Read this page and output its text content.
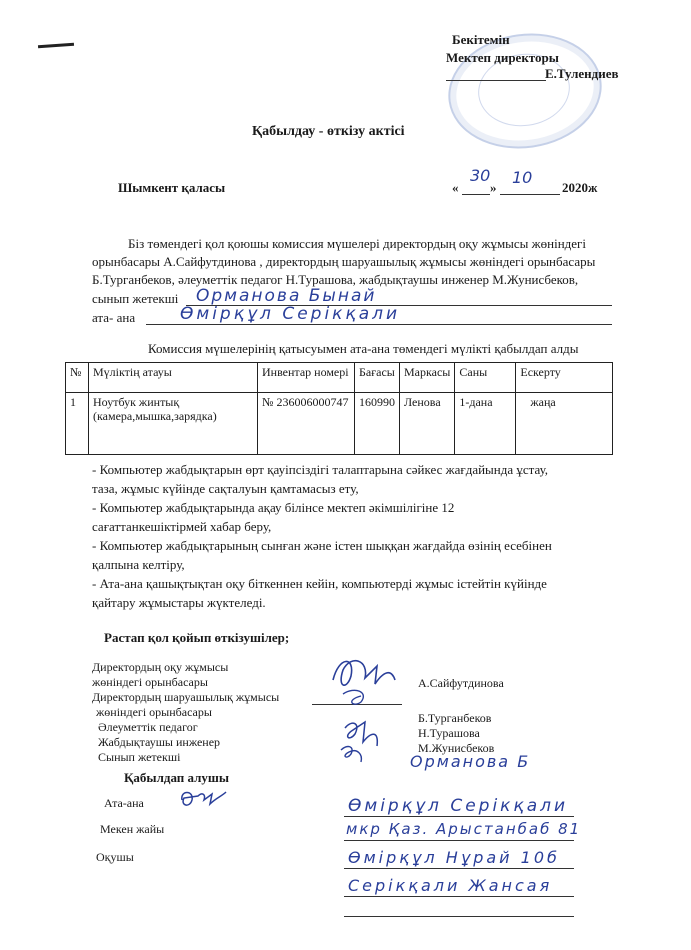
Бекітемін
Мектеп директоры
Е.Тулендиев
Қабылдау - өткізу актісі
Шымкент қаласы	« »	2020ж
30 10
Біз төмендегі қол қоюшы комиссия мүшелері директордың оқу жұмысы жөніндегі
орынбасары А.Сайфутдинова , директордың шаруашылық жұмысы жөніндегі орынбасары
Б.Турганбеков, әлеуметтік педагог Н.Турашова, жабдықтаушы инженер М.Жунисбеков,
сынып жетекші Орманова Бынай
ата- ана	Өмірқұл Серікқали
Комиссия мүшелерінің қатысуымен ата-ана төмендегі мүлікті қабылдап алды
№	Мүліктің атауы	Инвентар номері	Бағасы	Маркасы	Саны	Ескерту
1	Ноутбук жинтық (камера,мышка,зарядка)	№ 236006000747	160990	Ленова	1-дана	жаңа
- Компьютер жабдықтарын өрт қауіпсіздігі талаптарына сәйкес жағдайында ұстау,
таза, жұмыс күйінде сақталуын қамтамасыз ету,
- Компьютер жабдықтарында ақау білінсе мектеп әкімшілігіне 12
сағаттанкешіктірмей хабар беру,
- Компьютер жабдықтарының сынған және істен шыққан жағдайда өзінің есебінен
қалпына келтіру,
- Ата-ана қашықтықтан оқу біткеннен кейін, компьютерді жұмыс істейтін күйінде
қайтару жұмыстары жүктеледі.
Растап қол қойып өткізушілер;
Директордың оқу жұмысы
жөніндегі орынбасары
Директордың шаруашылық жұмысы
жөніндегі орынбасары
Әлеуметтік педагог
Жабдықтаушы инженер
Сынып жетекші
А.Сайфутдинова
Б.Турганбеков
Н.Турашова
М.Жунисбеков
Орманова Б
Қабылдап алушы
Ата-ана
Мекен жайы
Оқушы
Өмірқұл Серікқали
мкр Қаз. Арыстанбаб 81
Өмірқұл Нұрай 10б
Серікқали Жансая
